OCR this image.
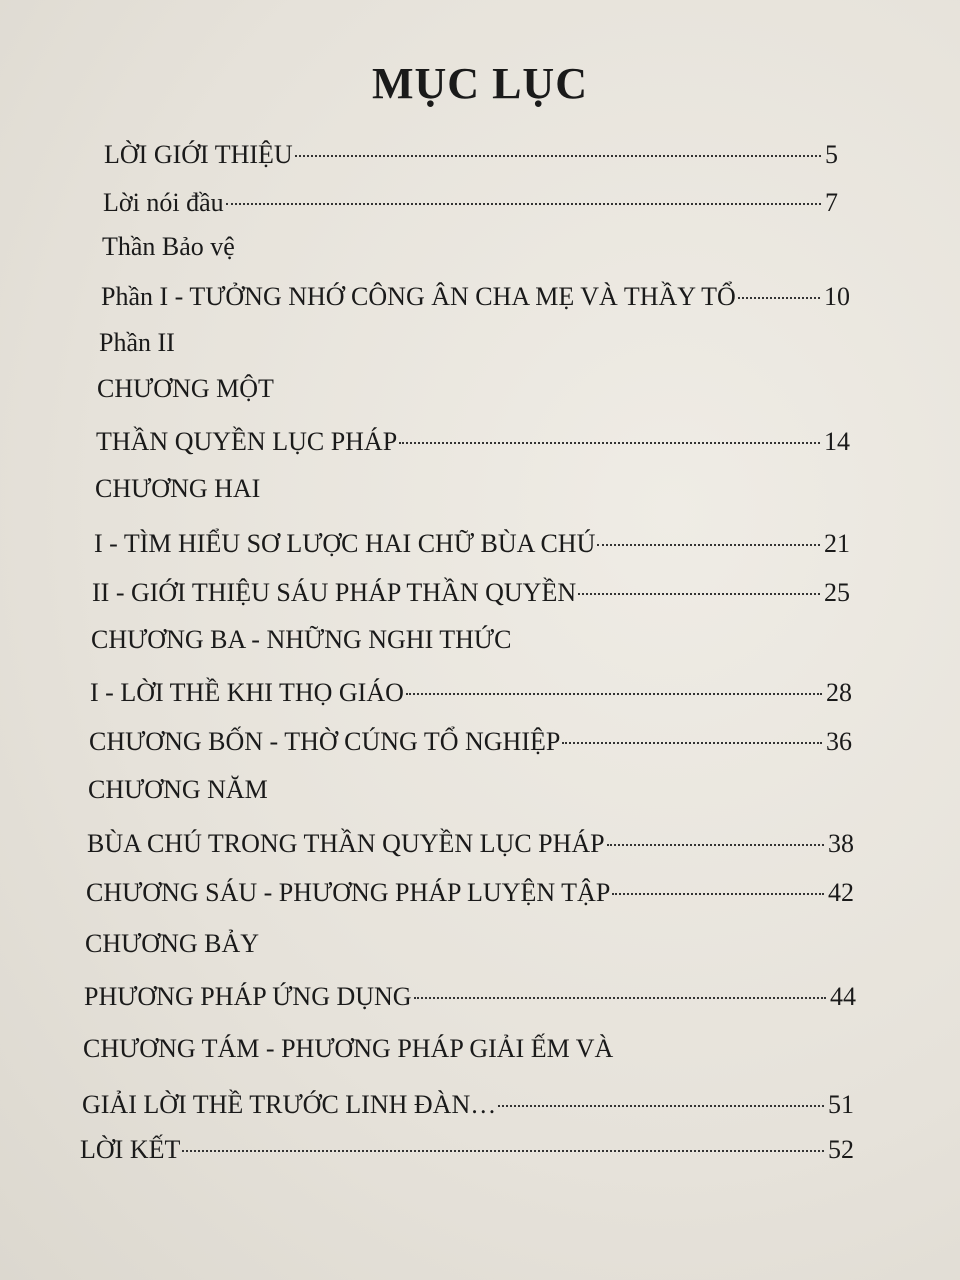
MỤC LỤC
LỜI GIỚI THIỆU	5
Lời nói đầu	7
Thần Bảo vệ
Phần I - TƯỞNG NHỚ CÔNG ÂN CHA MẸ VÀ THẦY TỔ	10
Phần II
CHƯƠNG MỘT
THẦN QUYỀN LỤC PHÁP	14
CHƯƠNG HAI
I - TÌM HIỂU SƠ LƯỢC HAI CHỮ BÙA CHÚ	21
II - GIỚI THIỆU SÁU PHÁP THẦN QUYỀN	25
CHƯƠNG BA - NHỮNG NGHI THỨC
I - LỜI THỀ KHI THỌ GIÁO	28
CHƯƠNG BỐN - THỜ CÚNG TỔ NGHIỆP	36
CHƯƠNG NĂM
BÙA CHÚ TRONG THẦN QUYỀN LỤC PHÁP	38
CHƯƠNG SÁU - PHƯƠNG PHÁP LUYỆN TẬP	42
CHƯƠNG BẢY
PHƯƠNG PHÁP ỨNG DỤNG	44
CHƯƠNG TÁM - PHƯƠNG PHÁP GIẢI ẾM VÀ
GIẢI LỜI THỀ TRƯỚC LINH ĐÀN…	51
LỜI KẾT	52
